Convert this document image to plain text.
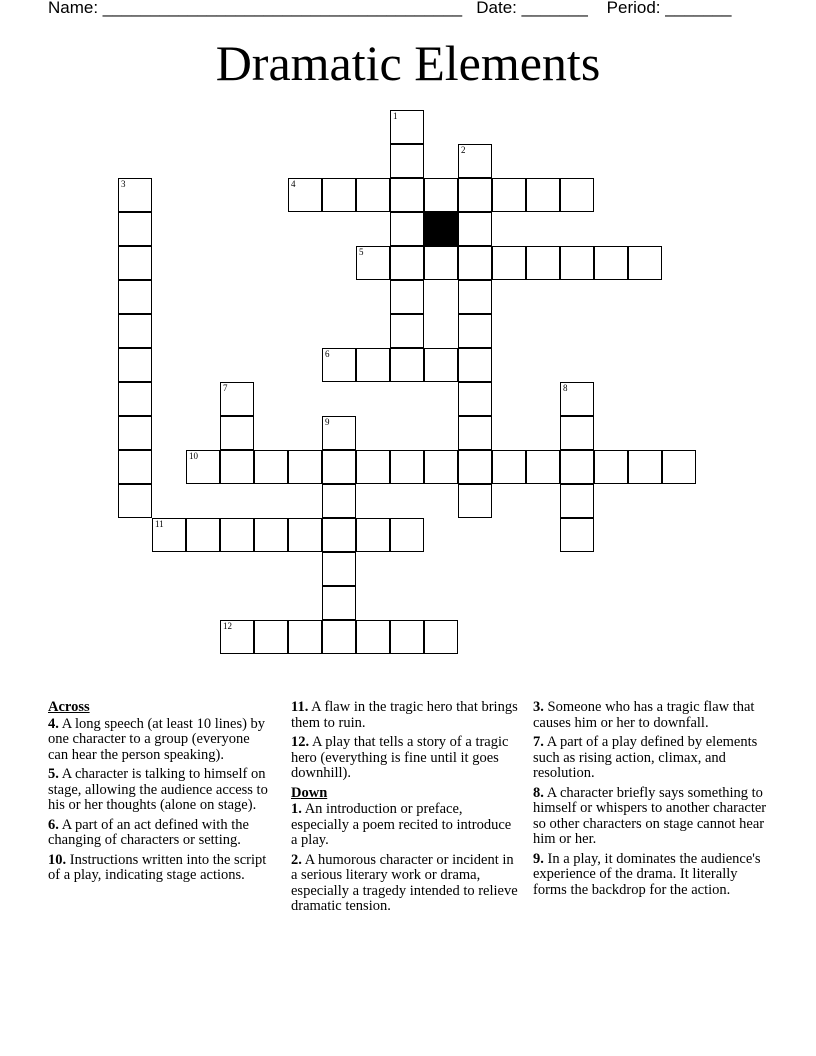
Name: ______________________________________   Date: _______    Period: _______
Dramatic Elements
1
2
3	4
5
6
7	8
9
10
11
12
Across
4. A long speech (at least 10 lines) by one character to a group (everyone can hear the person speaking).
5. A character is talking to himself on stage, allowing the audience access to his or her thoughts (alone on stage).
6. A part of an act defined with the changing of characters or setting.
10. Instructions written into the script of a play, indicating stage actions.
11. A flaw in the tragic hero that brings them to ruin.
12. A play that tells a story of a tragic hero (everything is fine until it goes downhill).
Down
1. An introduction or preface, especially a poem recited to introduce a play.
2. A humorous character or incident in a serious literary work or drama, especially a tragedy intended to relieve dramatic tension.
3. Someone who has a tragic flaw that causes him or her to downfall.
7. A part of a play defined by elements such as rising action, climax, and resolution.
8. A character briefly says something to himself or whispers to another character so other characters on stage cannot hear him or her.
9. In a play, it dominates the audience's experience of the drama. It literally forms the backdrop for the action.
